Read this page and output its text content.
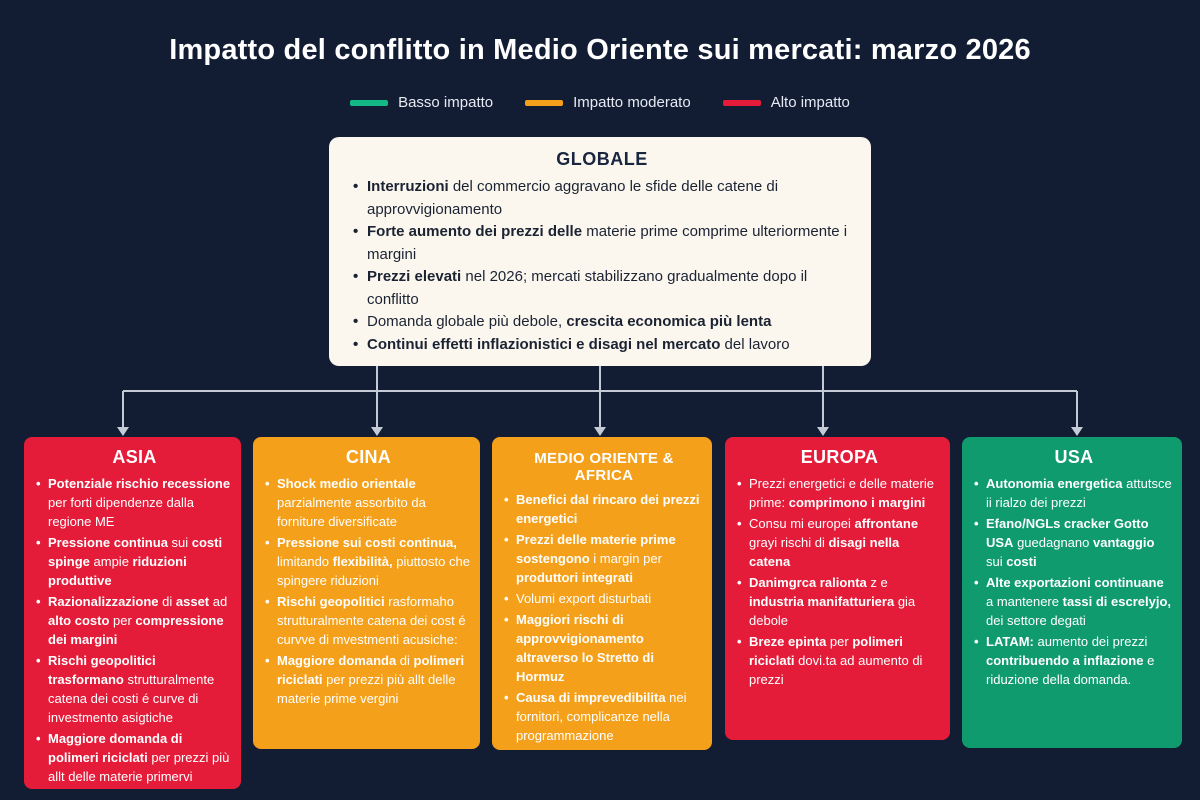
Impatto del conflitto in Medio Oriente sui mercati: marzo 2026
Basso impatto	Impatto moderato	Alto impatto
GLOBALE
• Interruzioni del commercio aggravano le sfide delle catene di approvvigionamento
• Forte aumento dei prezzi delle materie prime comprime ulteriormente i margini
• Prezzi elevati nel 2026; mercati stabilizzano gradualmente dopo il conflitto
• Domanda globale più debole, crescita economica più lenta
• Continui effetti inflazionistici e disagi nel mercato del lavoro
ASIA
• Potenziale rischio recessione per forti dipendenze dalla regione ME
• Pressione continua sui costi spinge ampie riduzioni produttive
• Razionalizzazione di asset ad alto costo per compressione dei margini
• Rischi geopolitici trasformano strutturalmente catena dei costi é curve di investmento asigtiche
• Maggiore domanda di polimeri riciclati per prezzi più allt delle materie primervi
CINA
• Shock medio orientale parzialmente assorbito da forniture diversificate
• Pressione sui costi continua, limitando flexibilità, piuttosto che spingere riduzioni
• Rischi geopolitici rasformaho strutturalmente catena dei cost é curvve di mvestmenti acusiche:
• Maggiore domanda di polimeri riciclati per prezzi più allt delle materie prime vergini
MEDIO ORIENTE & AFRICA
• Benefici dal rincaro dei prezzi energetici
• Prezzi delle materie prime sostengono i margin per produttori integrati
• Volumi export disturbati
• Maggiori rischi di approvvigionamento altraverso lo Stretto di Hormuz
• Causa di imprevedibilita nei fornitori, complicanze nella programmazione
EUROPA
• Prezzi energetici e delle materie prime: comprimono i margini
• Consu mi europei affrontane grayi rischi di disagi nella catena
• Danimgrca ralionta z e industria manifatturiera gia debole
• Breze epinta per polimeri riciclati dovi.ta ad aumento di prezzi
USA
• Autonomia energetica attutsce ii rialzo dei prezzi
• Efano/NGLs cracker Gotto USA guedagnano vantaggio sui costi
• Alte exportazioni continuane a mantenere tassi di escrelyjo, dei settore degati
• LATAM: aumento dei prezzi contribuendo a inflazione e riduzione della domanda.
